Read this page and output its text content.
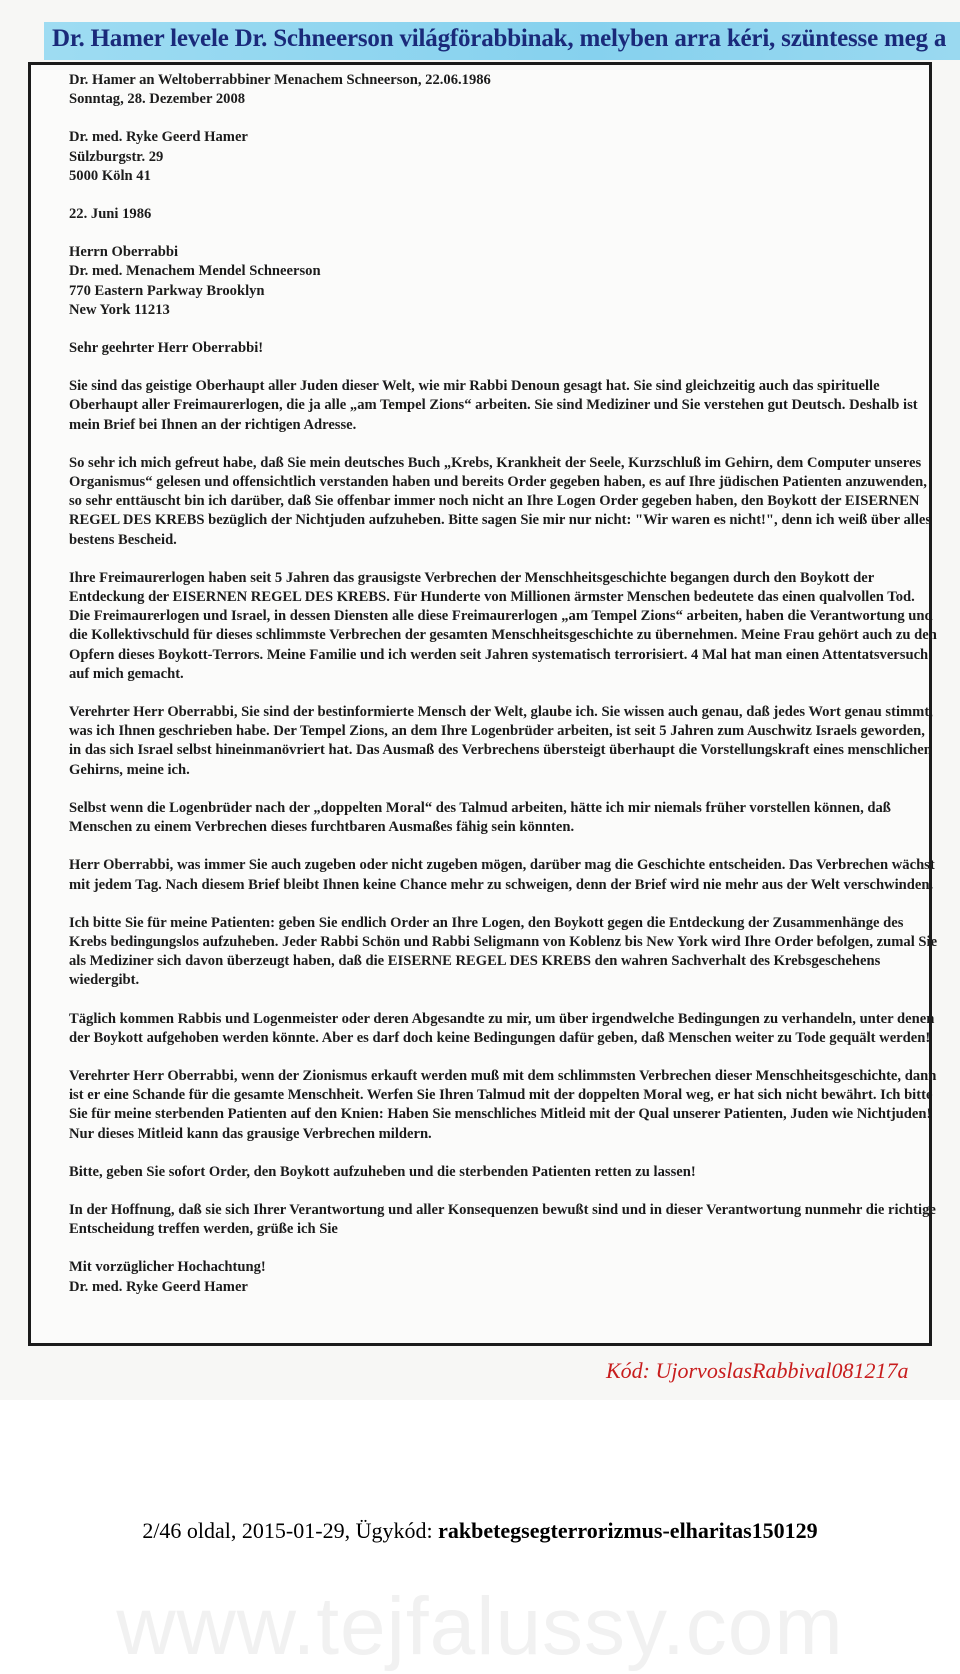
Dr. Hamer levele Dr. Schneerson világförabbinak, melyben arra kéri, szüntesse meg a
Dr. Hamer an Weltoberrabbiner Menachem Schneerson, 22.06.1986
Sonntag, 28. Dezember 2008
Dr. med. Ryke Geerd Hamer
Sülzburgstr. 29
5000 Köln 41
22. Juni 1986
Herrn Oberrabbi
Dr. med. Menachem Mendel Schneerson
770 Eastern Parkway Brooklyn
New York 11213

Sehr geehrter Herr Oberrabbi!

Sie sind das geistige Oberhaupt aller Juden dieser Welt, wie mir Rabbi Denoun gesagt hat. Sie sind gleichzeitig auch das spirituelle Oberhaupt aller Freimaurerlogen, die ja alle „am Tempel Zions“ arbeiten. Sie sind Mediziner und Sie verstehen gut Deutsch. Deshalb ist mein Brief bei Ihnen an der richtigen Adresse.

So sehr ich mich gefreut habe, daß Sie mein deutsches Buch „Krebs, Krankheit der Seele, Kurzschluß im Gehirn, dem Computer unseres Organismus“ gelesen und offensichtlich verstanden haben und bereits Order gegeben haben, es auf Ihre jüdischen Patienten anzuwenden, so sehr enttäuscht bin ich darüber, daß Sie offenbar immer noch nicht an Ihre Logen Order gegeben haben, den Boykott der EISERNEN REGEL DES KREBS bezüglich der Nichtjuden aufzuheben. Bitte sagen Sie mir nur nicht: "Wir waren es nicht!", denn ich weiß über alles bestens Bescheid.

Ihre Freimaurerlogen haben seit 5 Jahren das grausigste Verbrechen der Menschheitsgeschichte begangen durch den Boykott der Entdeckung der EISERNEN REGEL DES KREBS. Für Hunderte von Millionen ärmster Menschen bedeutete das einen qualvollen Tod. Die Freimaurerlogen und Israel, in dessen Diensten alle diese Freimaurerlogen „am Tempel Zions“ arbeiten, haben die Verantwortung und die Kollektivschuld für dieses schlimmste Verbrechen der gesamten Menschheitsgeschichte zu übernehmen. Meine Frau gehört auch zu den Opfern dieses Boykott-Terrors. Meine Familie und ich werden seit Jahren systematisch terrorisiert. 4 Mal hat man einen Attentatsversuch auf mich gemacht.

Verehrter Herr Oberrabbi, Sie sind der bestinformierte Mensch der Welt, glaube ich. Sie wissen auch genau, daß jedes Wort genau stimmt, was ich Ihnen geschrieben habe. Der Tempel Zions, an dem Ihre Logenbrüder arbeiten, ist seit 5 Jahren zum Auschwitz Israels geworden, in das sich Israel selbst hineinmanövriert hat. Das Ausmaß des Verbrechens übersteigt überhaupt die Vorstellungskraft eines menschlichen Gehirns, meine ich.

Selbst wenn die Logenbrüder nach der „doppelten Moral“ des Talmud arbeiten, hätte ich mir niemals früher vorstellen können, daß Menschen zu einem Verbrechen dieses furchtbaren Ausmaßes fähig sein könnten.

Herr Oberrabbi, was immer Sie auch zugeben oder nicht zugeben mögen, darüber mag die Geschichte entscheiden. Das Verbrechen wächst mit jedem Tag. Nach diesem Brief bleibt Ihnen keine Chance mehr zu schweigen, denn der Brief wird nie mehr aus der Welt verschwinden.

Ich bitte Sie für meine Patienten: geben Sie endlich Order an Ihre Logen, den Boykott gegen die Entdeckung der Zusammenhänge des Krebs bedingungslos aufzuheben. Jeder Rabbi Schön und Rabbi Seligmann von Koblenz bis New York wird Ihre Order befolgen, zumal Sie als Mediziner sich davon überzeugt haben, daß die EISERNE REGEL DES KREBS den wahren Sachverhalt des Krebsgeschehens wiedergibt.

Täglich kommen Rabbis und Logenmeister oder deren Abgesandte zu mir, um über irgendwelche Bedingungen zu verhandeln, unter denen der Boykott aufgehoben werden könnte. Aber es darf doch keine Bedingungen dafür geben, daß Menschen weiter zu Tode gequält werden!

Verehrter Herr Oberrabbi, wenn der Zionismus erkauft werden muß mit dem schlimmsten Verbrechen dieser Menschheitsgeschichte, dann ist er eine Schande für die gesamte Menschheit. Werfen Sie Ihren Talmud mit der doppelten Moral weg, er hat sich nicht bewährt. Ich bitte Sie für meine sterbenden Patienten auf den Knien: Haben Sie menschliches Mitleid mit der Qual unserer Patienten, Juden wie Nichtjuden! Nur dieses Mitleid kann das grausige Verbrechen mildern.

Bitte, geben Sie sofort Order, den Boykott aufzuheben und die sterbenden Patienten retten zu lassen!

In der Hoffnung, daß sie sich Ihrer Verantwortung und aller Konsequenzen bewußt sind und in dieser Verantwortung nunmehr die richtige Entscheidung treffen werden, grüße ich Sie

Mit vorzüglicher Hochachtung!
Dr. med. Ryke Geerd Hamer
Kód: UjorvoslasRabbival081217a
2/46 oldal, 2015-01-29, Ügykód: rakbetegsegterrorizmus-elharitas150129
www.tejfalussy.com
